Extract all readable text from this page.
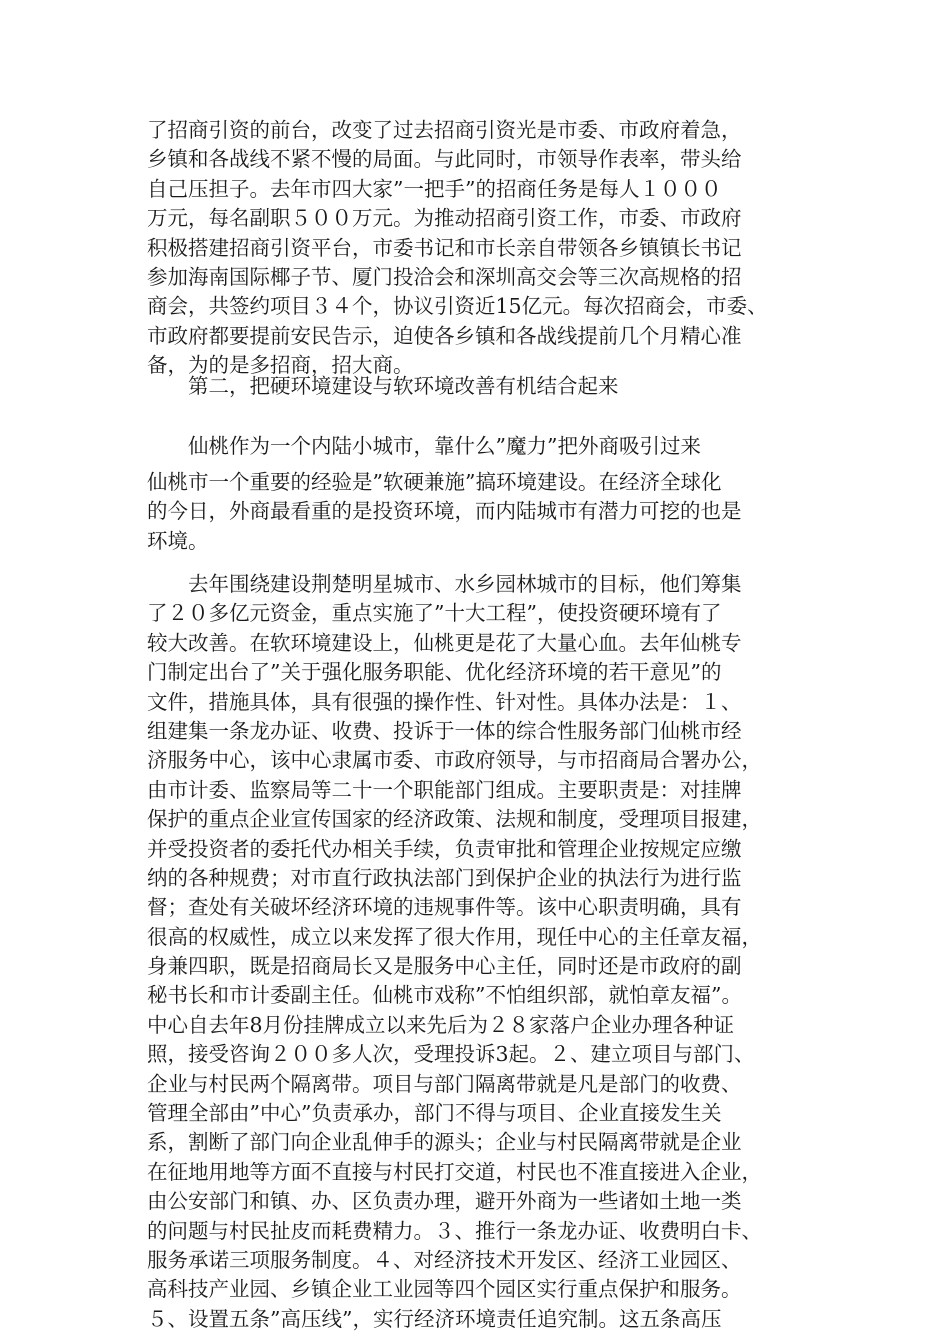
了招商引资的前台，改变了过去招商引资光是市委、市政府着急，
乡镇和各战线不紧不慢的局面。与此同时，市领导作表率，带头给
自己压担子。去年市四大家”一把手”的招商任务是每人１０００
万元，每名副职５００万元。为推动招商引资工作，市委、市政府
积极搭建招商引资平台，市委书记和市长亲自带领各乡镇镇长书记
参加海南国际椰子节、厦门投洽会和深圳高交会等三次高规格的招
商会，共签约项目３４个，协议引资近15亿元。每次招商会，市委、
市政府都要提前安民告示，迫使各乡镇和各战线提前几个月精心准
备，为的是多招商，招大商。
　　第二，把硬环境建设与软环境改善有机结合起来
　　仙桃作为一个内陆小城市，靠什么”魔力”把外商吸引过来
仙桃市一个重要的经验是”软硬兼施”搞环境建设。在经济全球化
的今日，外商最看重的是投资环境，而内陆城市有潜力可挖的也是
环境。
　　去年围绕建设荆楚明星城市、水乡园林城市的目标，他们筹集
了２０多亿元资金，重点实施了”十大工程”，使投资硬环境有了
较大改善。在软环境建设上，仙桃更是花了大量心血。去年仙桃专
门制定出台了”关于强化服务职能、优化经济环境的若干意见”的
文件，措施具体，具有很强的操作性、针对性。具体办法是：１、
组建集一条龙办证、收费、投诉于一体的综合性服务部门仙桃市经
济服务中心，该中心隶属市委、市政府领导，与市招商局合署办公，
由市计委、监察局等二十一个职能部门组成。主要职责是：对挂牌
保护的重点企业宣传国家的经济政策、法规和制度，受理项目报建，
并受投资者的委托代办相关手续，负责审批和管理企业按规定应缴
纳的各种规费；对市直行政执法部门到保护企业的执法行为进行监
督；查处有关破坏经济环境的违规事件等。该中心职责明确，具有
很高的权威性，成立以来发挥了很大作用，现任中心的主任章友福，
身兼四职，既是招商局长又是服务中心主任，同时还是市政府的副
秘书长和市计委副主任。仙桃市戏称”不怕组织部，就怕章友福”。
中心自去年8月份挂牌成立以来先后为２８家落户企业办理各种证
照，接受咨询２００多人次，受理投诉3起。２、建立项目与部门、
企业与村民两个隔离带。项目与部门隔离带就是凡是部门的收费、
管理全部由”中心”负责承办，部门不得与项目、企业直接发生关
系，割断了部门向企业乱伸手的源头；企业与村民隔离带就是企业
在征地用地等方面不直接与村民打交道，村民也不准直接进入企业，
由公安部门和镇、办、区负责办理，避开外商为一些诸如土地一类
的问题与村民扯皮而耗费精力。３、推行一条龙办证、收费明白卡、
服务承诺三项服务制度。４、对经济技术开发区、经济工业园区、
高科技产业园、乡镇企业工业园等四个园区实行重点保护和服务。
５、设置五条”高压线”，实行经济环境责任追究制。这五条高压
